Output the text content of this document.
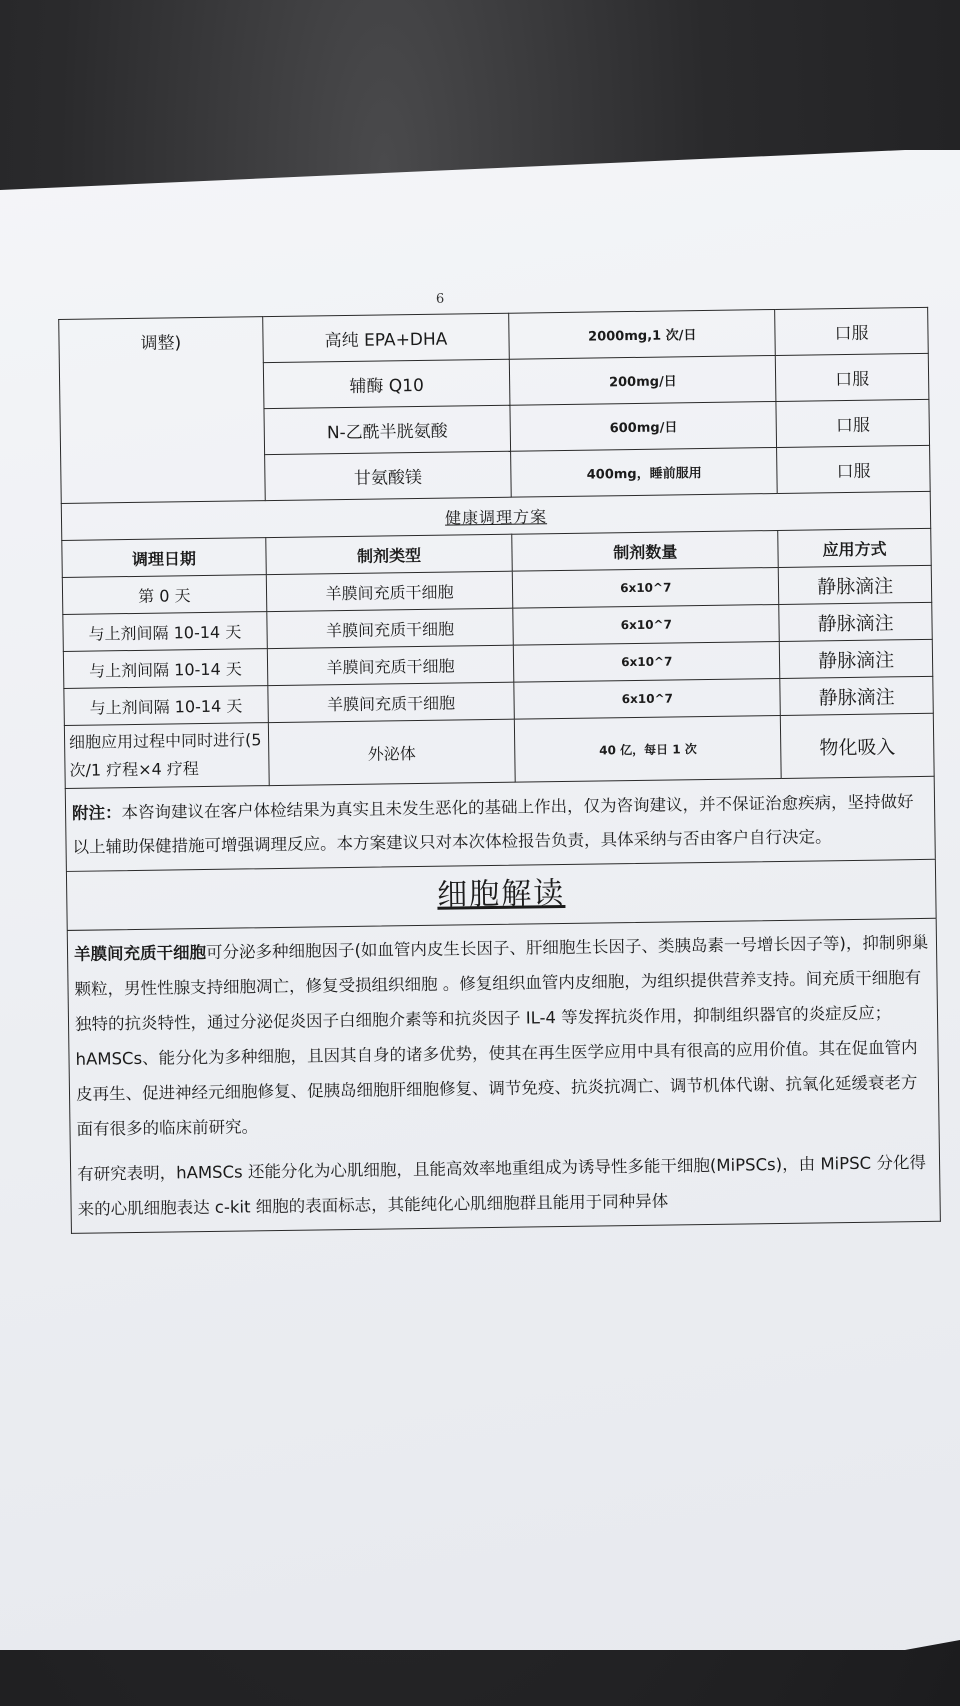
6
调整)	高纯 EPA+DHA	2000mg,1 次/日	口服
	辅酶 Q10	200mg/日	口服
	N-乙酰半胱氨酸	600mg/日	口服
	甘氨酸镁	400mg，睡前服用	口服
健康调理方案			
调理日期	制剂类型	制剂数量	应用方式
第 0 天	羊膜间充质干细胞	6x10^7	静脉滴注
与上剂间隔 10-14 天	羊膜间充质干细胞	6x10^7	静脉滴注
与上剂间隔 10-14 天	羊膜间充质干细胞	6x10^7	静脉滴注
与上剂间隔 10-14 天	羊膜间充质干细胞	6x10^7	静脉滴注
细胞应用过程中同时进行(5 次/1 疗程×4 疗程	外泌体	40 亿，每日 1 次	物化吸入
附注：本咨询建议在客户体检结果为真实且未发生恶化的基础上作出，仅为咨询建议，并不保证治愈疾病，坚持做好以上辅助保健措施可增强调理反应。本方案建议只对本次体检报告负责，具体采纳与否由客户自行决定。
细胞解读

羊膜间充质干细胞可分泌多种细胞因子(如血管内皮生长因子、肝细胞生长因子、类胰岛素一号增长因子等)，抑制卵巢颗粒，男性性腺支持细胞凋亡，修复受损组织细胞 。修复组织血管内皮细胞，为组织提供营养支持。间充质干细胞有独特的抗炎特性，通过分泌促炎因子白细胞介素等和抗炎因子 IL-4 等发挥抗炎作用，抑制组织器官的炎症反应；hAMSCs、能分化为多种细胞，且因其自身的诸多优势，使其在再生医学应用中具有很高的应用价值。其在促血管内皮再生、促进神经元细胞修复、促胰岛细胞肝细胞修复、调节免疫、抗炎抗凋亡、调节机体代谢、抗氧化延缓衰老方面有很多的临床前研究。

有研究表明，hAMSCs 还能分化为心肌细胞，且能高效率地重组成为诱导性多能干细胞(MiPSCs)，由 MiPSC 分化得来的心肌细胞表达 c-kit 细胞的表面标志，其能纯化心肌细胞群且能用于同种异体
